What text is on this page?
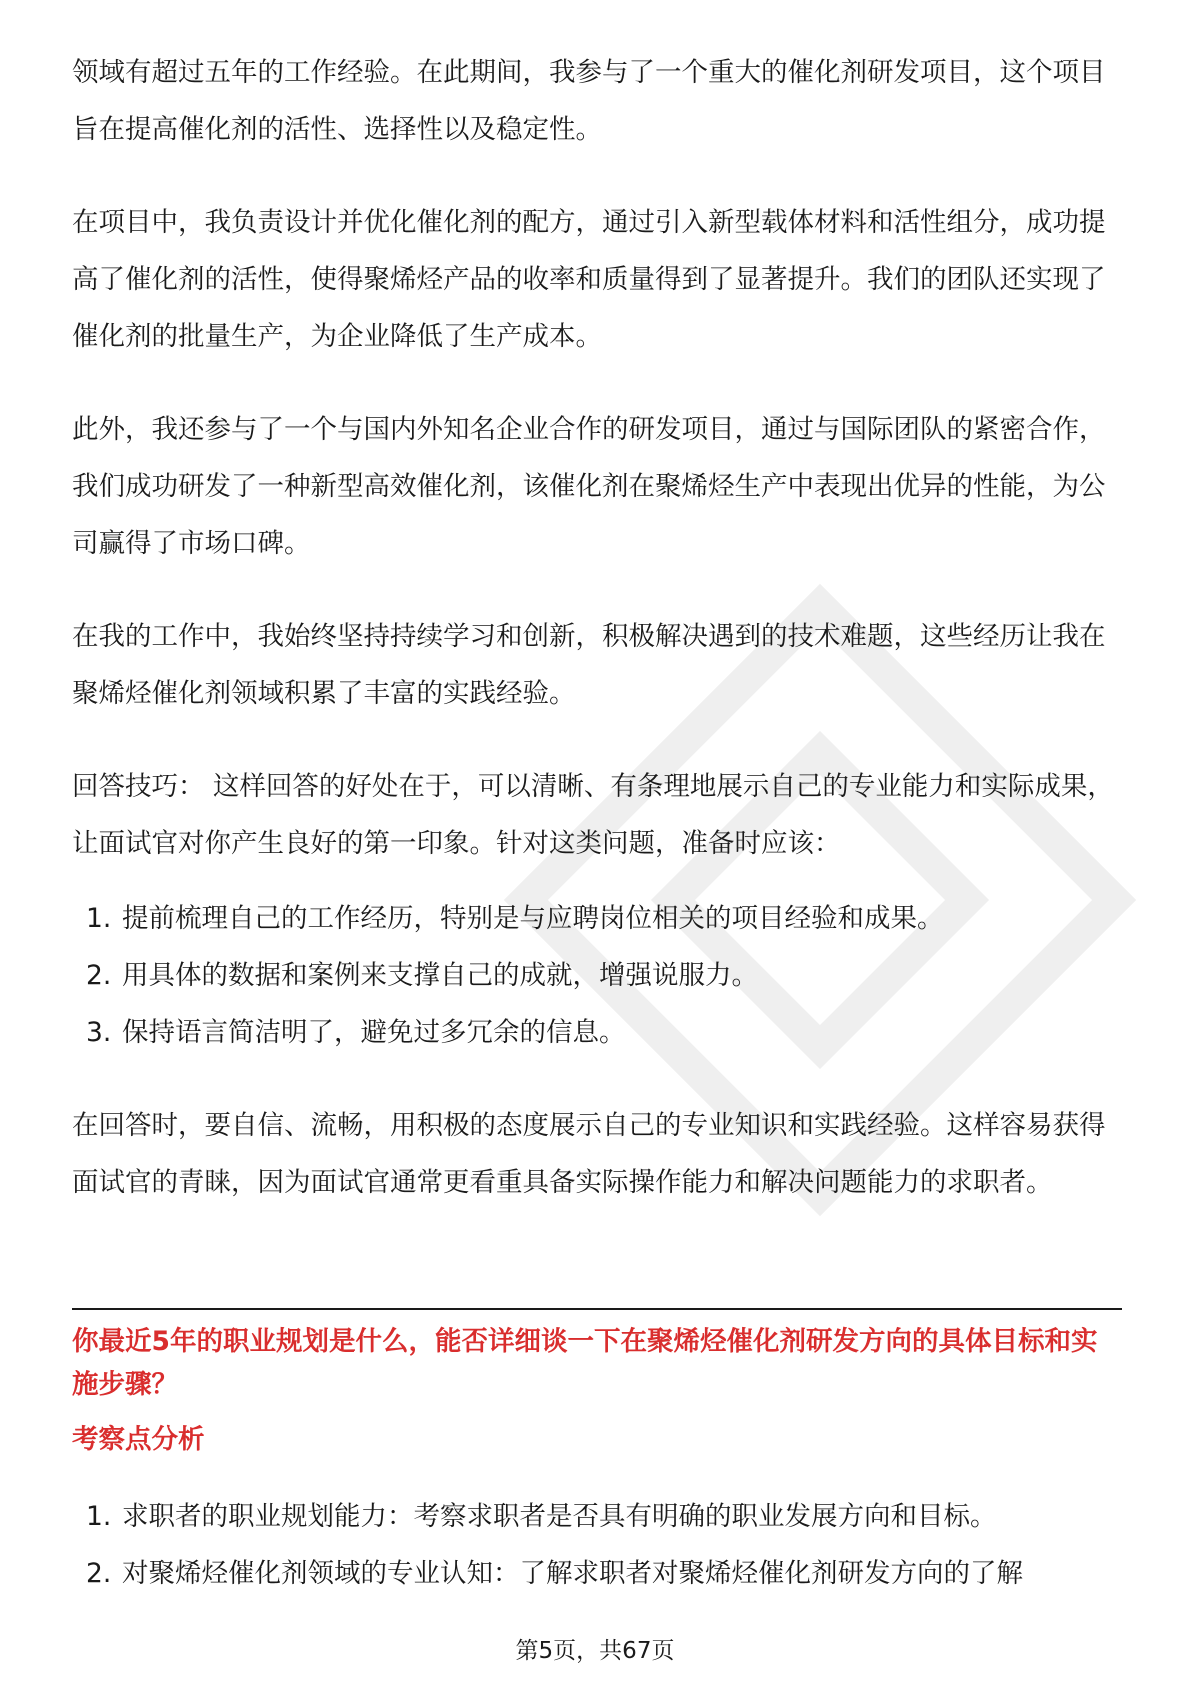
领域有超过五年的工作经验。在此期间，我参与了一个重大的催化剂研发项目，这个项目旨在提高催化剂的活性、选择性以及稳定性。

在项目中，我负责设计并优化催化剂的配方，通过引入新型载体材料和活性组分，成功提高了催化剂的活性，使得聚烯烃产品的收率和质量得到了显著提升。我们的团队还实现了催化剂的批量生产，为企业降低了生产成本。

此外，我还参与了一个与国内外知名企业合作的研发项目，通过与国际团队的紧密合作，我们成功研发了一种新型高效催化剂，该催化剂在聚烯烃生产中表现出优异的性能，为公司赢得了市场口碑。

在我的工作中，我始终坚持持续学习和创新，积极解决遇到的技术难题，这些经历让我在聚烯烃催化剂领域积累了丰富的实践经验。

回答技巧： 这样回答的好处在于，可以清晰、有条理地展示自己的专业能力和实际成果，让面试官对你产生良好的第一印象。针对这类问题，准备时应该：

1. 提前梳理自己的工作经历，特别是与应聘岗位相关的项目经验和成果。
2. 用具体的数据和案例来支撑自己的成就，增强说服力。
3. 保持语言简洁明了，避免过多冗余的信息。

在回答时，要自信、流畅，用积极的态度展示自己的专业知识和实践经验。这样容易获得面试官的青睐，因为面试官通常更看重具备实际操作能力和解决问题能力的求职者。

你最近5年的职业规划是什么，能否详细谈一下在聚烯烃催化剂研发方向的具体目标和实施步骤？

考察点分析

1. 求职者的职业规划能力：考察求职者是否具有明确的职业发展方向和目标。
2. 对聚烯烃催化剂领域的专业认知：了解求职者对聚烯烃催化剂研发方向的了解

第5页，共67页
